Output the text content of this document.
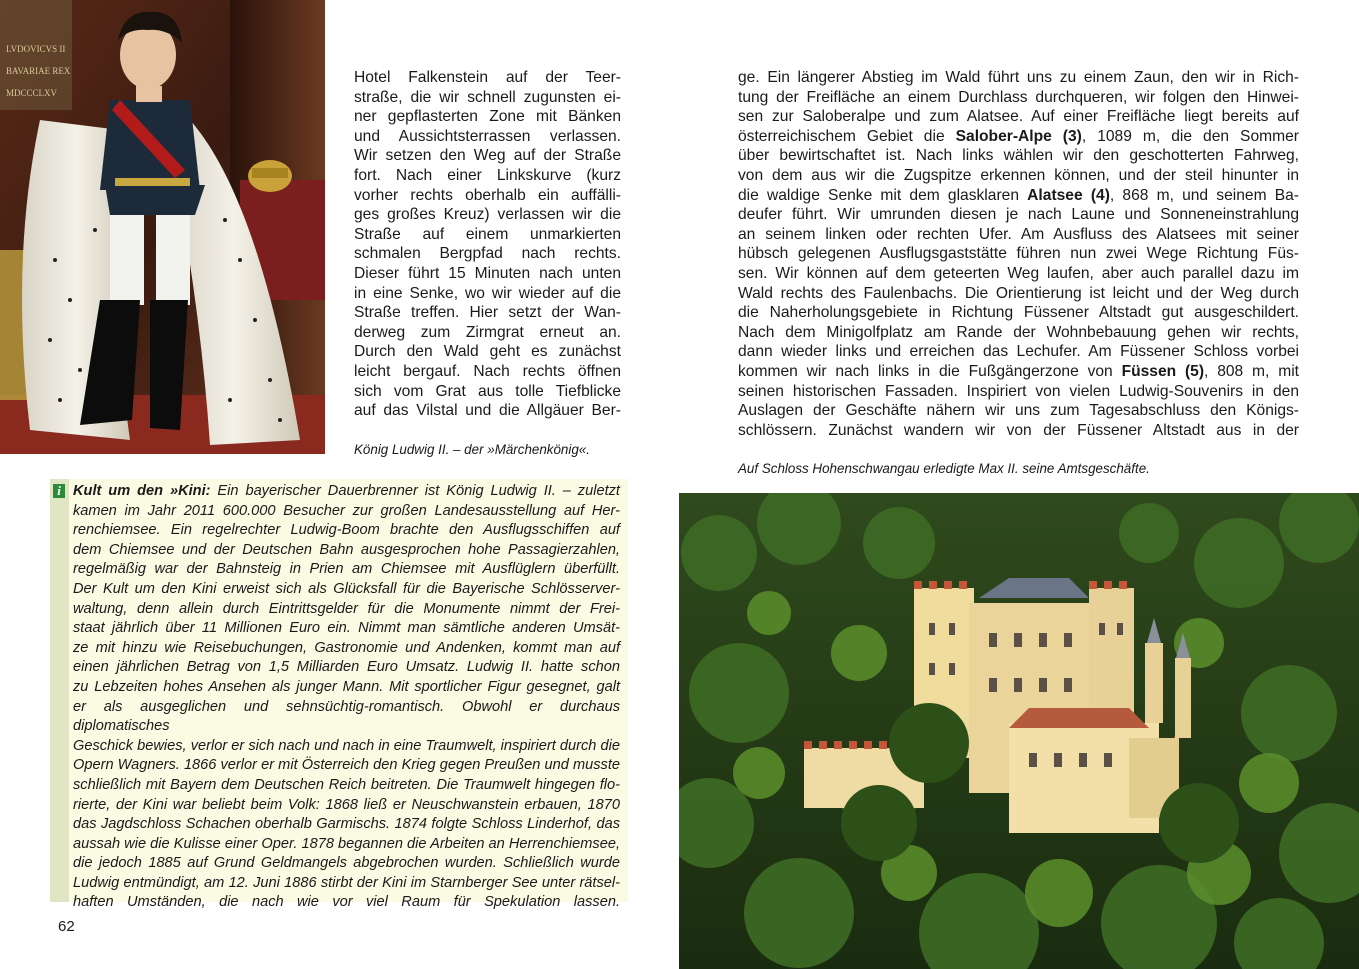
LVDOVICVS II
BAVARIAE REX
MDCCCLXV

Hotel Falkenstein auf der Teer-

straße, die wir schnell zugunsten ei-

ner gepflasterten Zone mit Bänken

und Aussichtsterrassen verlassen.

Wir setzen den Weg auf der Straße

fort. Nach einer Linkskurve (kurz

vorher rechts oberhalb ein auffälli-

ges großes Kreuz) verlassen wir die

Straße auf einem unmarkierten

schmalen Bergpfad nach rechts.

Dieser führt 15 Minuten nach unten

in eine Senke, wo wir wieder auf die

Straße treffen. Hier setzt der Wan-

derweg zum Zirmgrat erneut an.

Durch den Wald geht es zunächst

leicht bergauf. Nach rechts öffnen

sich vom Grat aus tolle Tiefblicke

auf das Vilstal und die Allgäuer Ber-

König Ludwig II. – der »Märchenkönig«.

ge. Ein längerer Abstieg im Wald führt uns zu einem Zaun, den wir in Rich-

tung der Freifläche an einem Durchlass durchqueren, wir folgen den Hinwei-

sen zur Saloberalpe und zum Alatsee. Auf einer Freifläche liegt bereits auf

österreichischem Gebiet die Salober-Alpe (3), 1089 m, die den Sommer

über bewirtschaftet ist. Nach links wählen wir den geschotterten Fahrweg,

von dem aus wir die Zugspitze erkennen können, und der steil hinunter in

die waldige Senke mit dem glasklaren Alatsee (4), 868 m, und seinem Ba-

deufer führt. Wir umrunden diesen je nach Laune und Sonneneinstrahlung

an seinem linken oder rechten Ufer. Am Ausfluss des Alatsees mit seiner

hübsch gelegenen Ausflugsgaststätte führen nun zwei Wege Richtung Füs-

sen. Wir können auf dem geteerten Weg laufen, aber auch parallel dazu im

Wald rechts des Faulenbachs. Die Orientierung ist leicht und der Weg durch

die Naherholungsgebiete in Richtung Füssener Altstadt gut ausgeschildert.

Nach dem Minigolfplatz am Rande der Wohnbebauung gehen wir rechts,

dann wieder links und erreichen das Lechufer. Am Füssener Schloss vorbei

kommen wir nach links in die Fußgängerzone von Füssen (5), 808 m, mit

seinen historischen Fassaden. Inspiriert von vielen Ludwig-Souvenirs in den

Auslagen der Geschäfte nähern wir uns zum Tagesabschluss den Königs-

schlössern. Zunächst wandern wir von der Füssener Altstadt aus in der

Auf Schloss Hohenschwangau erledigte Max II. seine Amtsgeschäfte.
i Kult um den »Kini: Ein bayerischer Dauerbrenner ist König Ludwig II. – zuletzt

kamen im Jahr 2011 600.000 Besucher zur großen Landesausstellung auf Her-

renchiemsee. Ein regelrechter Ludwig-Boom brachte den Ausflugsschiffen auf

dem Chiemsee und der Deutschen Bahn ausgesprochen hohe Passagierzahlen,

regelmäßig war der Bahnsteig in Prien am Chiemsee mit Ausflüglern überfüllt.

Der Kult um den Kini erweist sich als Glücksfall für die Bayerische Schlösserver-

waltung, denn allein durch Eintrittsgelder für die Monumente nimmt der Frei-

staat jährlich über 11 Millionen Euro ein. Nimmt man sämtliche anderen Umsät-

ze mit hinzu wie Reisebuchungen, Gastronomie und Andenken, kommt man auf

einen jährlichen Betrag von 1,5 Milliarden Euro Umsatz. Ludwig II. hatte schon

zu Lebzeiten hohes Ansehen als junger Mann. Mit sportlicher Figur gesegnet, galt

er als ausgeglichen und sehnsüchtig-romantisch. Obwohl er durchaus diplomatisches

Geschick bewies, verlor er sich nach und nach in eine Traumwelt, inspiriert durch die

Opern Wagners. 1866 verlor er mit Österreich den Krieg gegen Preußen und musste

schließlich mit Bayern dem Deutschen Reich beitreten. Die Traumwelt hingegen flo-

rierte, der Kini war beliebt beim Volk: 1868 ließ er Neuschwanstein erbauen, 1870

das Jagdschloss Schachen oberhalb Garmischs. 1874 folgte Schloss Linderhof, das

aussah wie die Kulisse einer Oper. 1878 begannen die Arbeiten an Herrenchiemsee,

die jedoch 1885 auf Grund Geldmangels abgebrochen wurden. Schließlich wurde

Ludwig entmündigt, am 12. Juni 1886 stirbt der Kini im Starnberger See unter rätsel-

haften Umständen, die nach wie vor viel Raum für Spekulation lassen.

62
